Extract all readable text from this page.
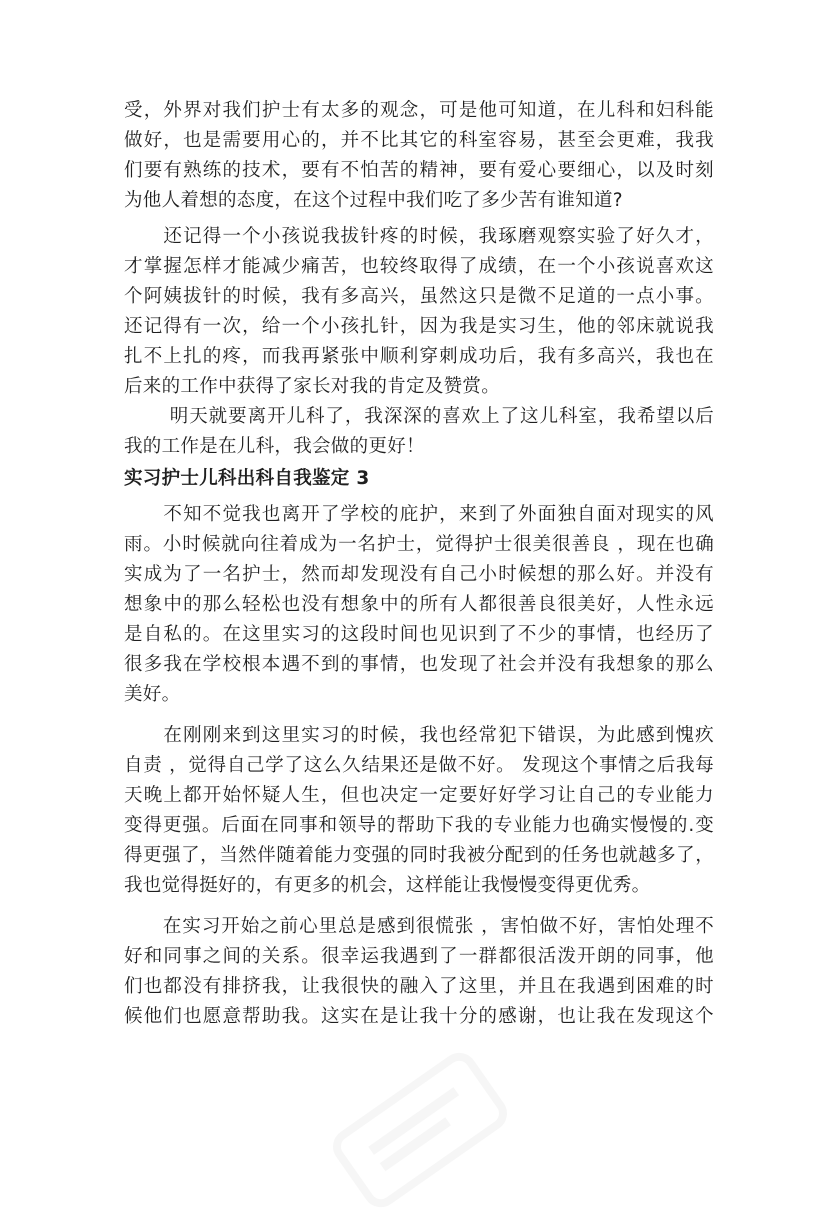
受，外界对我们护士有太多的观念，可是他可知道，在儿科和妇科能
做好，也是需要用心的，并不比其它的科室容易，甚至会更难，我我
们要有熟练的技术，要有不怕苦的精神，要有爱心要细心，以及时刻
为他人着想的态度，在这个过程中我们吃了多少苦有谁知道?
　　还记得一个小孩说我拔针疼的时候，我琢磨观察实验了好久才，
才掌握怎样才能减少痛苦，也较终取得了成绩，在一个小孩说喜欢这
个阿姨拔针的时候，我有多高兴，虽然这只是微不足道的一点小事。
还记得有一次，给一个小孩扎针，因为我是实习生，他的邻床就说我
扎不上扎的疼，而我再紧张中顺利穿刺成功后，我有多高兴，我也在
后来的工作中获得了家长对我的肯定及赞赏。
　　 明天就要离开儿科了，我深深的喜欢上了这儿科室，我希望以后
我的工作是在儿科，我会做的更好！
实习护士儿科出科自我鉴定 3
　　不知不觉我也离开了学校的庇护，来到了外面独自面对现实的风
雨。小时候就向往着成为一名护士，觉得护士很美很善良 ，现在也确
实成为了一名护士，然而却发现没有自己小时候想的那么好。并没有
想象中的那么轻松也没有想象中的所有人都很善良很美好，人性永远
是自私的。在这里实习的这段时间也见识到了不少的事情，也经历了
很多我在学校根本遇不到的事情，也发现了社会并没有我想象的那么
美好。
　　在刚刚来到这里实习的时候，我也经常犯下错误，为此感到愧疚
自责 ，觉得自己学了这么久结果还是做不好。 发现这个事情之后我每
天晚上都开始怀疑人生，但也决定一定要好好学习让自己的专业能力
变得更强。后面在同事和领导的帮助下我的专业能力也确实慢慢的.变
得更强了，当然伴随着能力变强的同时我被分配到的任务也就越多了，
我也觉得挺好的，有更多的机会，这样能让我慢慢变得更优秀。
　　在实习开始之前心里总是感到很慌张 ，害怕做不好，害怕处理不
好和同事之间的关系。很幸运我遇到了一群都很活泼开朗的同事，他
们也都没有排挤我，让我很快的融入了这里，并且在我遇到困难的时
候他们也愿意帮助我。这实在是让我十分的感谢，也让我在发现这个
